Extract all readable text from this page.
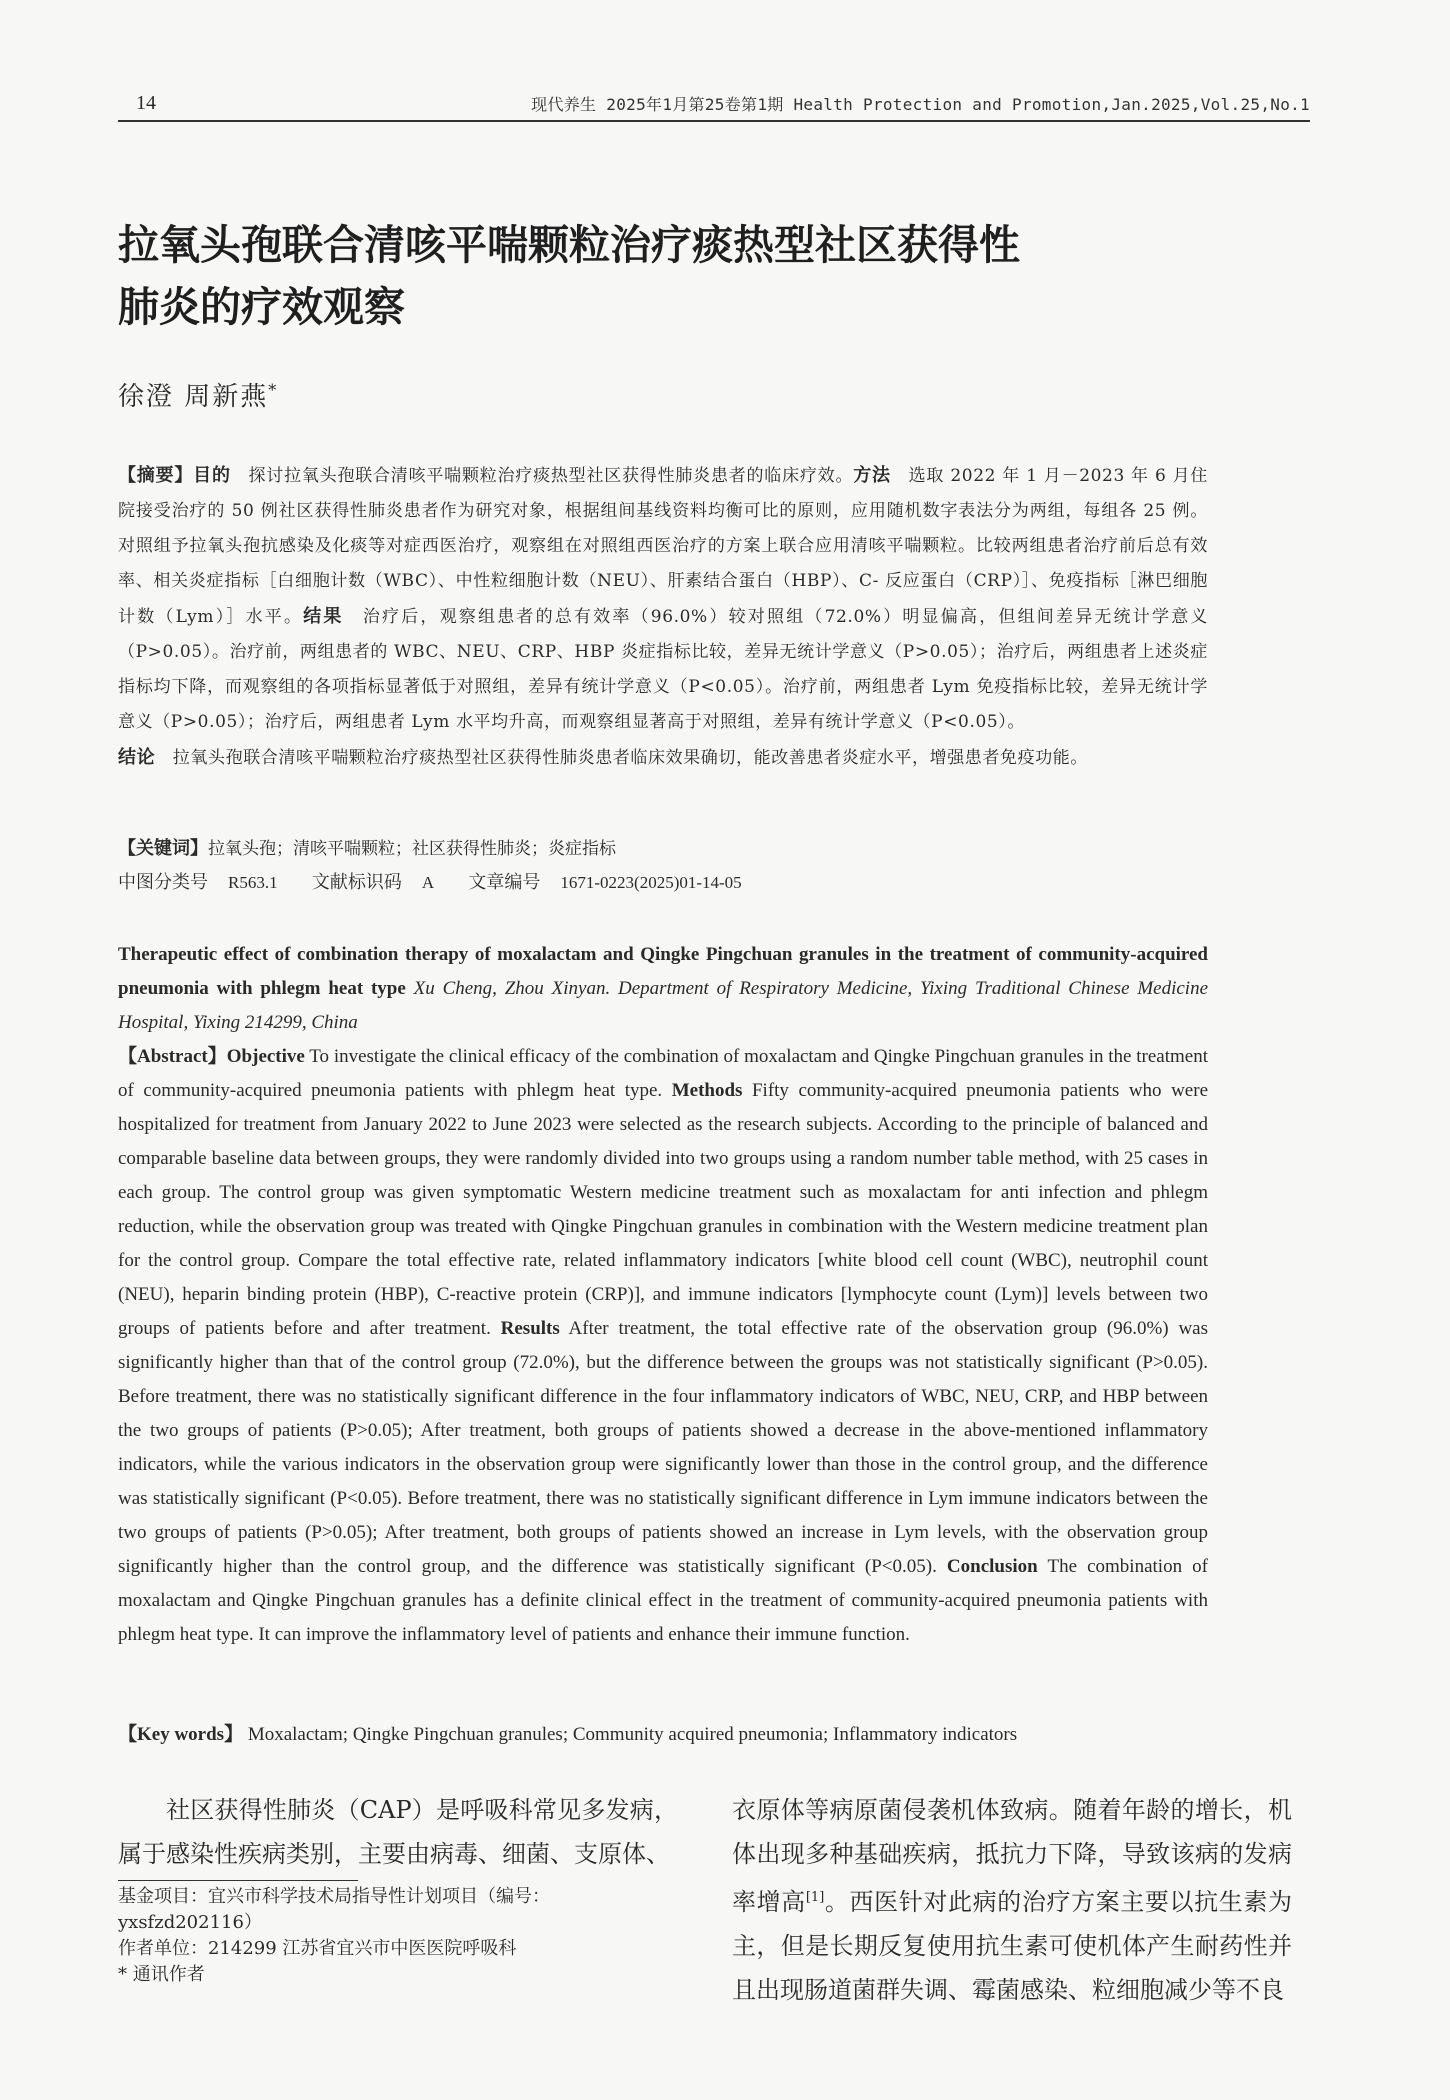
14	现代养生 2025年1月第25卷第1期 Health Protection and Promotion,Jan.2025,Vol.25,No.1
拉氧头孢联合清咳平喘颗粒治疗痰热型社区获得性
肺炎的疗效观察
徐澄 周新燕*
【摘要】目的　探讨拉氧头孢联合清咳平喘颗粒治疗痰热型社区获得性肺炎患者的临床疗效。方法　选取 2022 年 1 月－2023 年 6 月住院接受治疗的 50 例社区获得性肺炎患者作为研究对象，根据组间基线资料均衡可比的原则，应用随机数字表法分为两组，每组各 25 例。对照组予拉氧头孢抗感染及化痰等对症西医治疗，观察组在对照组西医治疗的方案上联合应用清咳平喘颗粒。比较两组患者治疗前后总有效率、相关炎症指标［白细胞计数（WBC）、中性粒细胞计数（NEU）、肝素结合蛋白（HBP）、C- 反应蛋白（CRP）］、免疫指标［淋巴细胞计数（Lym）］水平。结果　治疗后，观察组患者的总有效率（96.0%）较对照组（72.0%）明显偏高，但组间差异无统计学意义（P>0.05）。治疗前，两组患者的 WBC、NEU、CRP、HBP 炎症指标比较，差异无统计学意义（P>0.05）；治疗后，两组患者上述炎症指标均下降，而观察组的各项指标显著低于对照组，差异有统计学意义（P<0.05）。治疗前，两组患者 Lym 免疫指标比较，差异无统计学意义（P>0.05）；治疗后，两组患者 Lym 水平均升高，而观察组显著高于对照组，差异有统计学意义（P<0.05）。
结论　拉氧头孢联合清咳平喘颗粒治疗痰热型社区获得性肺炎患者临床效果确切，能改善患者炎症水平，增强患者免疫功能。
【关键词】拉氧头孢；清咳平喘颗粒；社区获得性肺炎；炎症指标
中图分类号 R563.1 文献标识码 A 文章编号 1671-0223(2025)01-14-05
Therapeutic effect of combination therapy of moxalactam and Qingke Pingchuan granules in the treatment of community-acquired pneumonia with phlegm heat type Xu Cheng, Zhou Xinyan. Department of Respiratory Medicine, Yixing Traditional Chinese Medicine Hospital, Yixing 214299, China
【Abstract】Objective To investigate the clinical efficacy of the combination of moxalactam and Qingke Pingchuan granules in the treatment of community-acquired pneumonia patients with phlegm heat type. Methods Fifty community-acquired pneumonia patients who were hospitalized for treatment from January 2022 to June 2023 were selected as the research subjects. According to the principle of balanced and comparable baseline data between groups, they were randomly divided into two groups using a random number table method, with 25 cases in each group. The control group was given symptomatic Western medicine treatment such as moxalactam for anti infection and phlegm reduction, while the observation group was treated with Qingke Pingchuan granules in combination with the Western medicine treatment plan for the control group. Compare the total effective rate, related inflammatory indicators [white blood cell count (WBC), neutrophil count (NEU), heparin binding protein (HBP), C-reactive protein (CRP)], and immune indicators [lymphocyte count (Lym)] levels between two groups of patients before and after treatment. Results After treatment, the total effective rate of the observation group (96.0%) was significantly higher than that of the control group (72.0%), but the difference between the groups was not statistically significant (P>0.05). Before treatment, there was no statistically significant difference in the four inflammatory indicators of WBC, NEU, CRP, and HBP between the two groups of patients (P>0.05); After treatment, both groups of patients showed a decrease in the above-mentioned inflammatory indicators, while the various indicators in the observation group were significantly lower than those in the control group, and the difference was statistically significant (P<0.05). Before treatment, there was no statistically significant difference in Lym immune indicators between the two groups of patients (P>0.05); After treatment, both groups of patients showed an increase in Lym levels, with the observation group significantly higher than the control group, and the difference was statistically significant (P<0.05). Conclusion The combination of moxalactam and Qingke Pingchuan granules has a definite clinical effect in the treatment of community-acquired pneumonia patients with phlegm heat type. It can improve the inflammatory level of patients and enhance their immune function.
【Key words】 Moxalactam; Qingke Pingchuan granules; Community acquired pneumonia; Inflammatory indicators

社区获得性肺炎（CAP）是呼吸科常见多发病，属于感染性疾病类别，主要由病毒、细菌、支原体、

衣原体等病原菌侵袭机体致病。随着年龄的增长，机体出现多种基础疾病，抵抗力下降，导致该病的发病率增高[1]。西医针对此病的治疗方案主要以抗生素为主，但是长期反复使用抗生素可使机体产生耐药性并且出现肠道菌群失调、霉菌感染、粒细胞减少等不良

基金项目：宜兴市科学技术局指导性计划项目（编号：yxsfzd202116）
作者单位：214299 江苏省宜兴市中医医院呼吸科
* 通讯作者
